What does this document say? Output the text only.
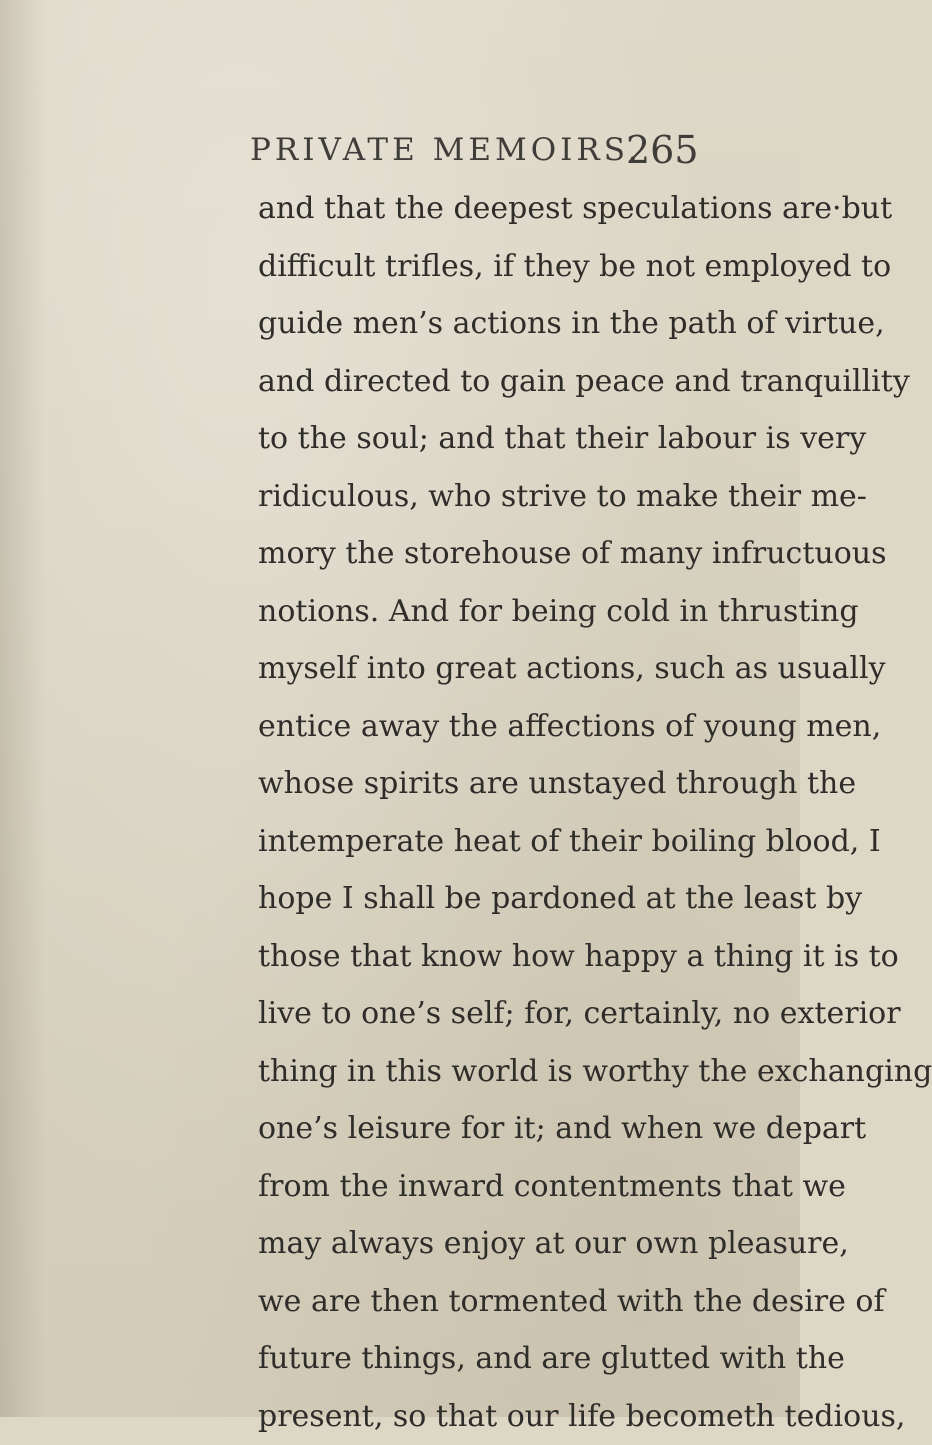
PRIVATE MEMOIRS.
265
and that the deepest speculations are·but
difficult trifles, if they be not employed to
guide men’s actions in the path of virtue,
and directed to gain peace and tranquillity
to the soul; and that their labour is very
ridiculous, who strive to make their me-
mory the storehouse of many infructuous
notions. And for being cold in thrusting
myself into great actions, such as usually
entice away the affections of young men,
whose spirits are unstayed through the
intemperate heat of their boiling blood, I
hope I shall be pardoned at the least by
those that know how happy a thing it is to
live to one’s self; for, certainly, no exterior
thing in this world is worthy the exchanging
one’s leisure for it; and when we depart
from the inward contentments that we
may always enjoy at our own pleasure,
we are then tormented with the desire of
future things, and are glutted with the
present, so that our life becometh tedious,
